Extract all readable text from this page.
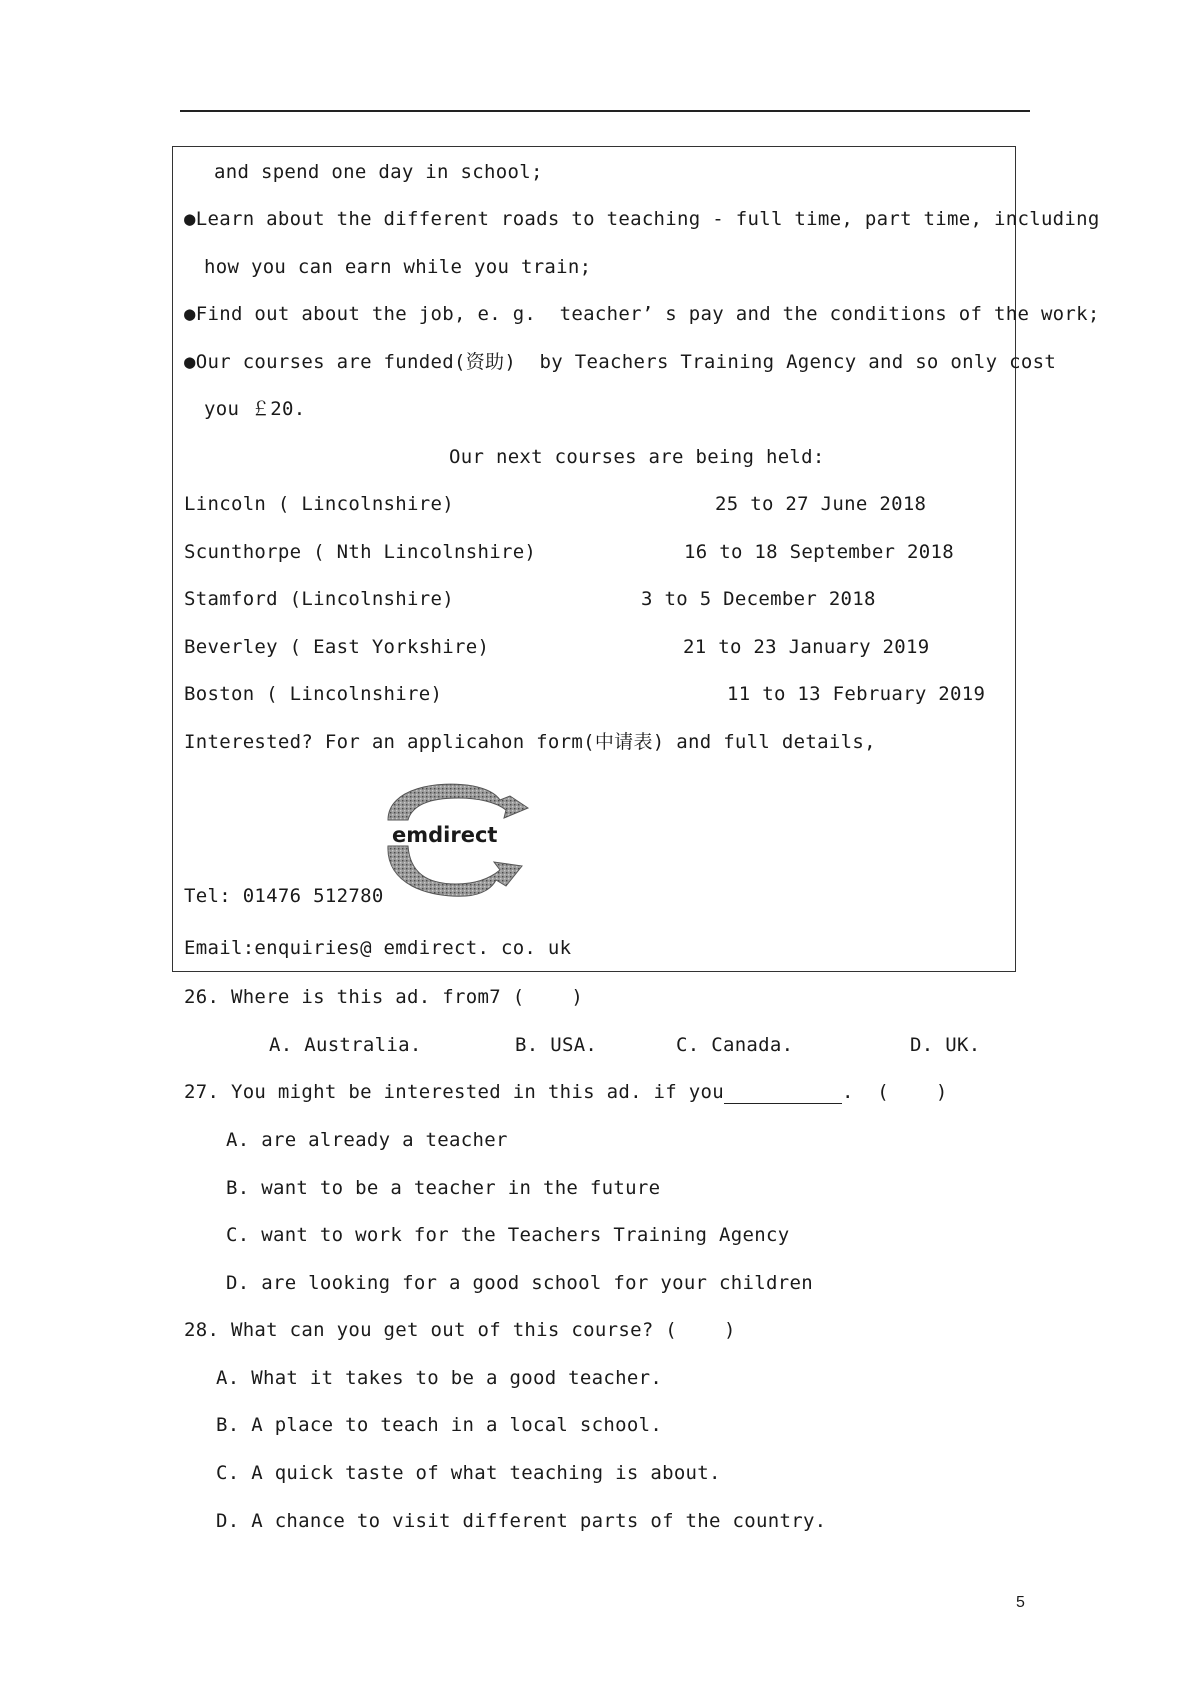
and spend one day in school;
●Learn about the different roads to teaching - full time, part time, including
how you can earn while you train;
●Find out about the job, e. g.  teacher’ s pay and the conditions of the work;
●Our courses are funded(资助)  by Teachers Training Agency and so only cost
you ￡20.
Our next courses are being held:
Lincoln ( Lincolnshire)	25 to 27 June 2018
Scunthorpe ( Nth Lincolnshire)	16 to 18 September 2018
Stamford (Lincolnshire)	3 to 5 December 2018
Beverley ( East Yorkshire)	21 to 23 January 2019
Boston ( Lincolnshire)	11 to 13 February 2019
Interested? For an applicahon form(中请表) and full details,
emdirect
Tel: 01476 512780
Email:enquiries@ emdirect. co. uk
26. Where is this ad. from7 (    )
A. Australia.	B. USA.	C. Canada.	D. UK.
27. You might be interested in this ad. if you	.  (    )
A. are already a teacher
B. want to be a teacher in the future
C. want to work for the Teachers Training Agency
D. are looking for a good school for your children
28. What can you get out of this course? (    )
A. What it takes to be a good teacher.
B. A place to teach in a local school.
C. A quick taste of what teaching is about.
D. A chance to visit different parts of the country.
5
